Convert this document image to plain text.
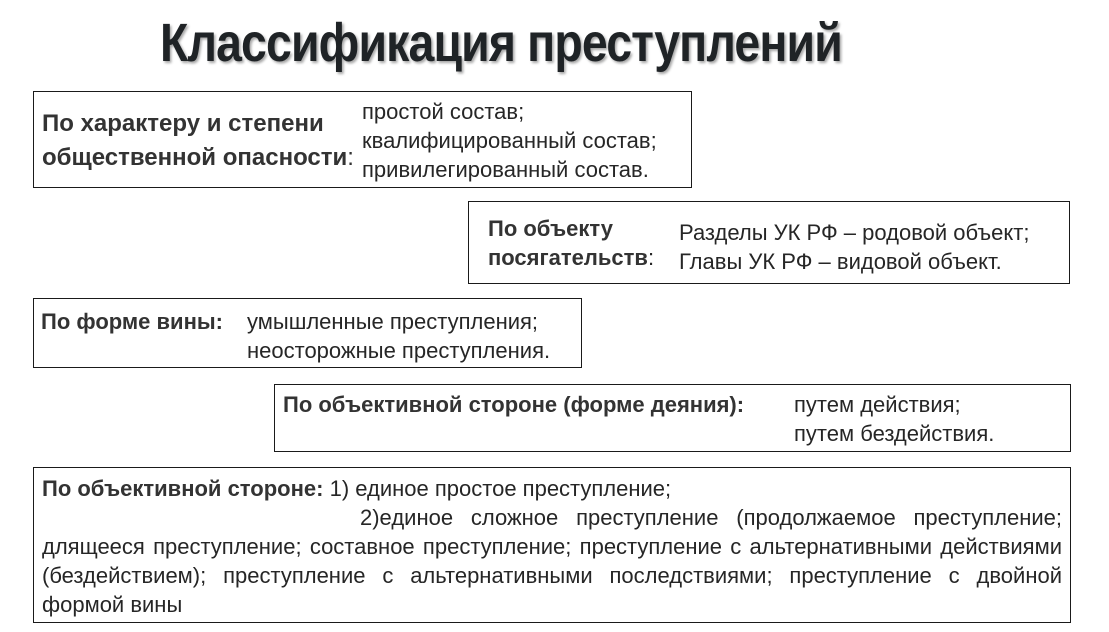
Классификация преступлений
По характеру и степени
общественной опасности:
простой состав;
квалифицированный состав;
привилегированный состав.
По объекту
посягательств:
Разделы УК РФ – родовой объект;
Главы УК РФ – видовой объект.
По форме вины: умышленные преступления;
неосторожные преступления.
По объективной стороне (форме деяния): путем действия;
путем бездействия.
По объективной стороне: 1) единое простое преступление;
2)единое сложное преступление (продолжаемое преступление; длящееся преступление; составное преступление; преступление с альтернативными действиями (бездействием); преступление с альтернативными последствиями; преступление с двойной формой вины
